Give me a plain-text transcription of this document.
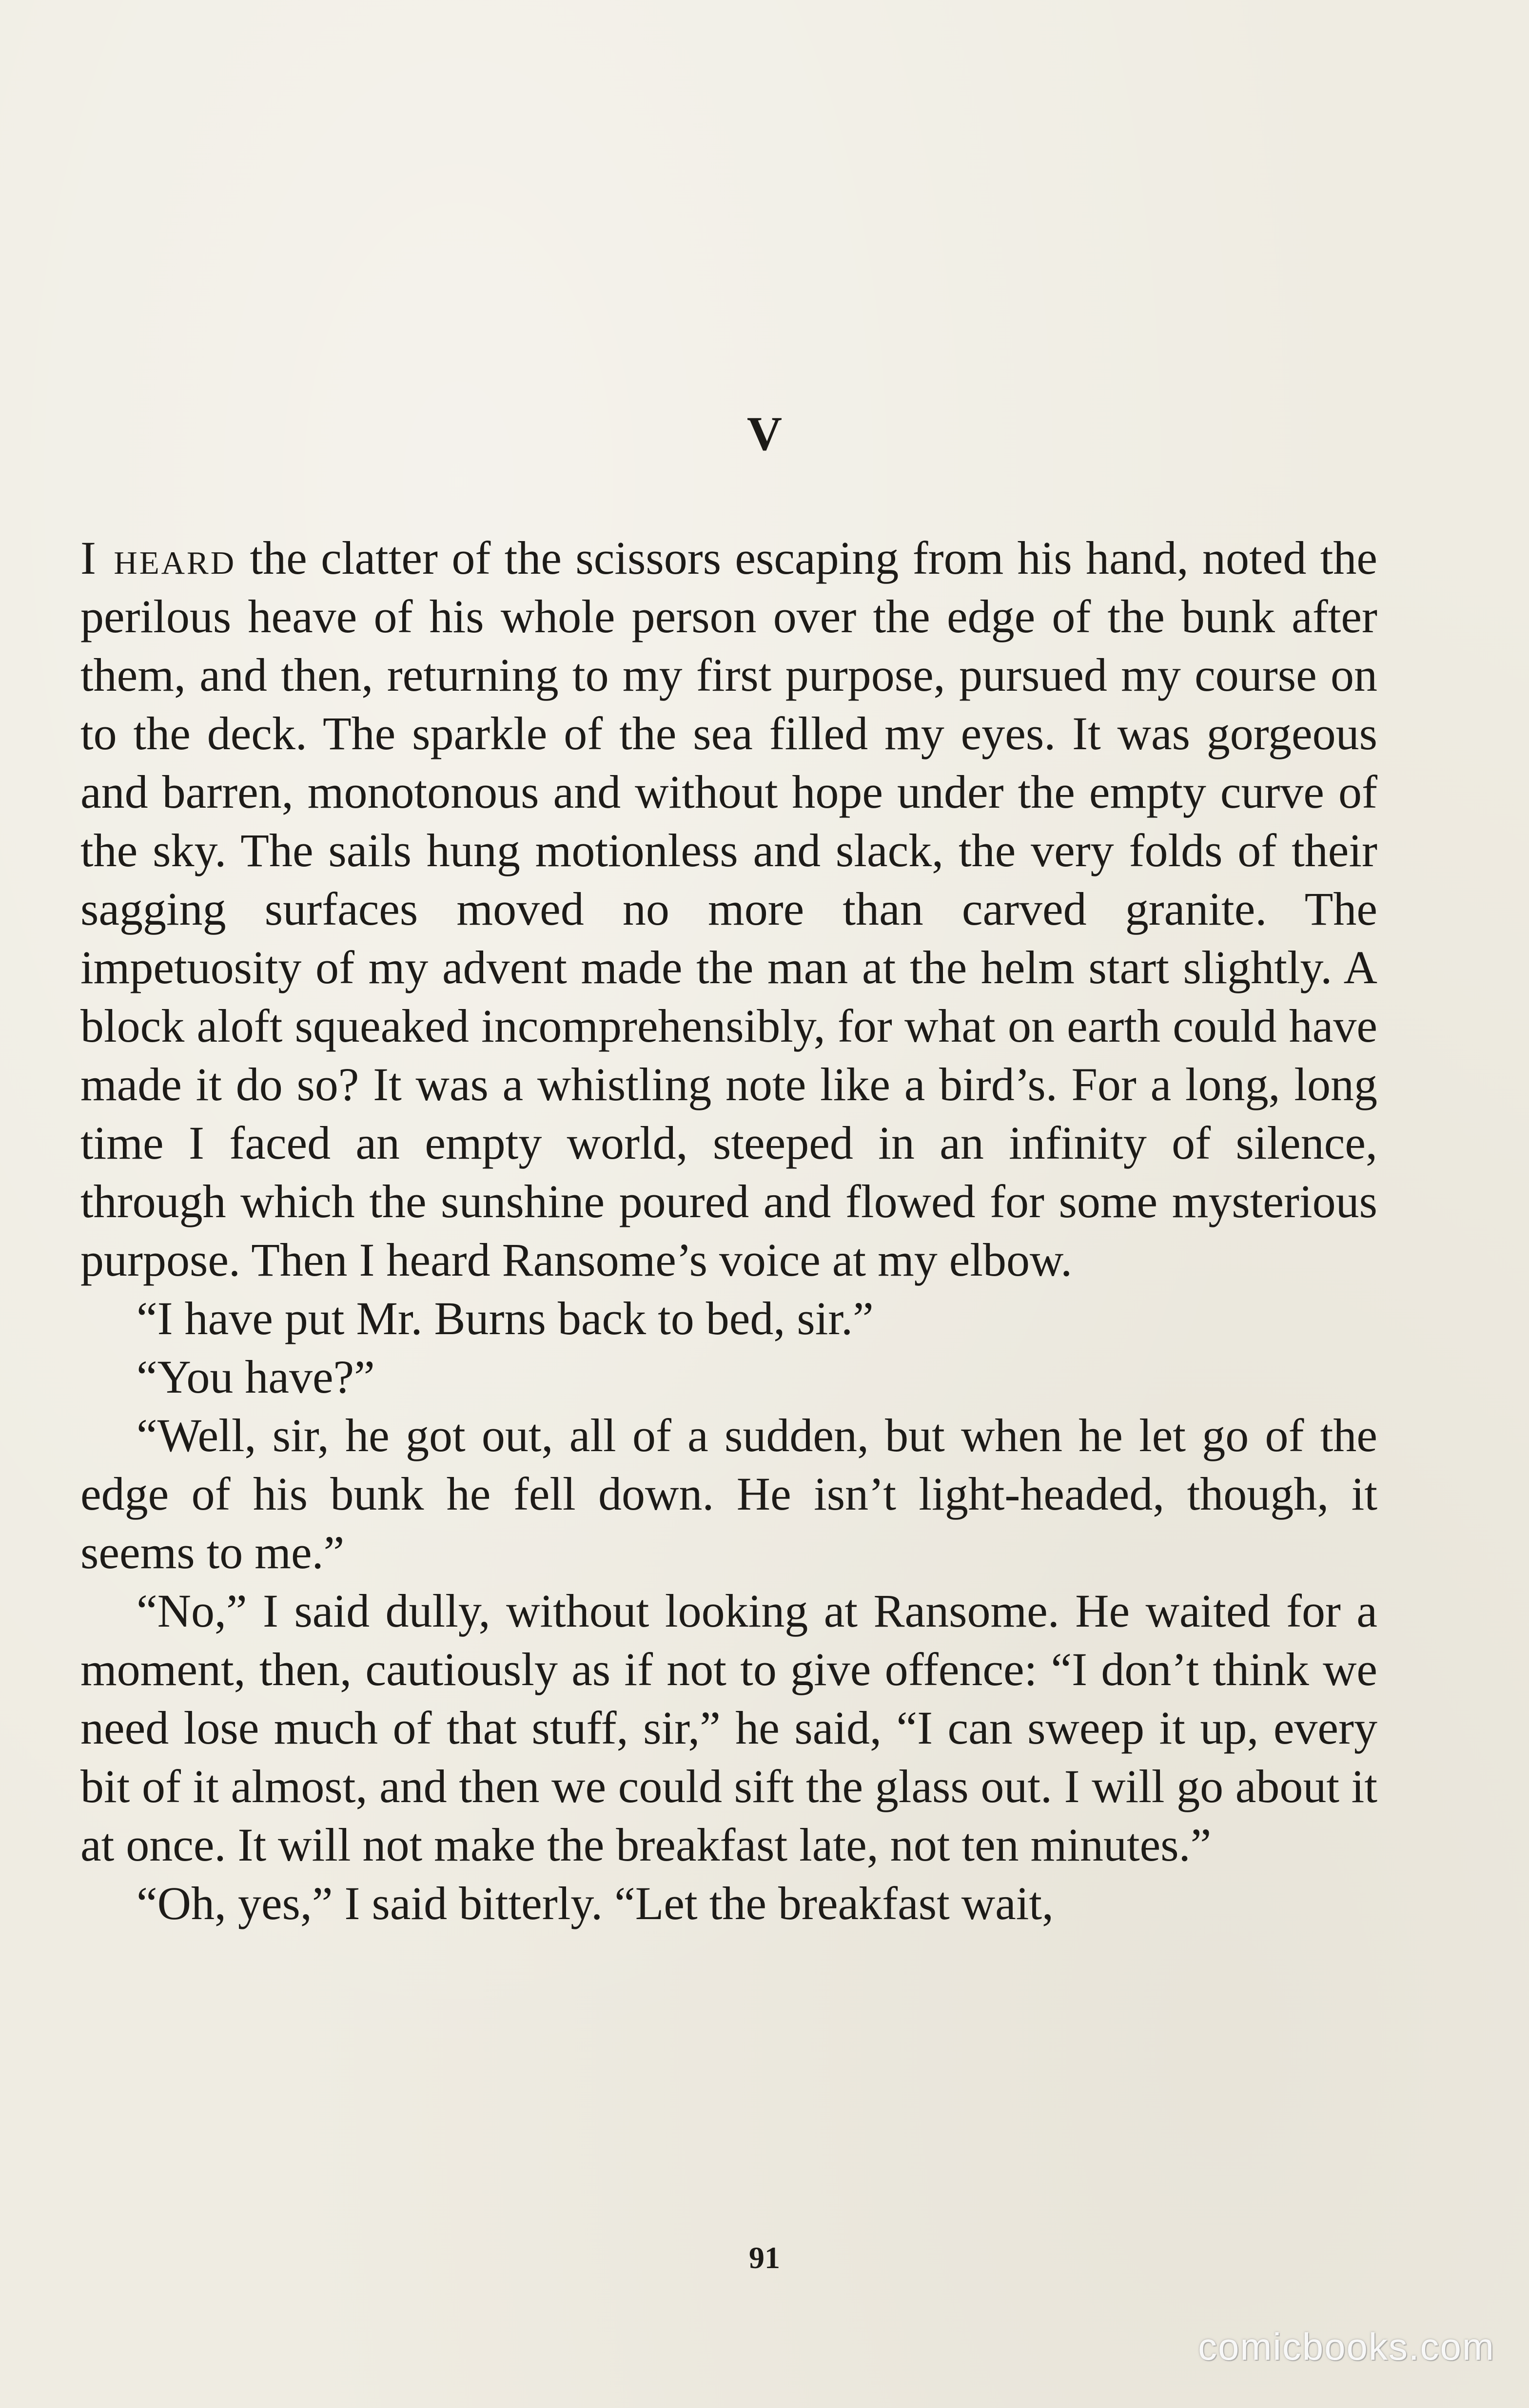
V

I heard the clatter of the scissors escaping from his hand, noted the perilous heave of his whole person over the edge of the bunk after them, and then, returning to my first purpose, pursued my course on to the deck. The sparkle of the sea filled my eyes. It was gorgeous and barren, monotonous and without hope under the empty curve of the sky. The sails hung motionless and slack, the very folds of their sagging surfaces moved no more than carved granite. The impetuosity of my advent made the man at the helm start slightly. A block aloft squeaked incomprehensibly, for what on earth could have made it do so? It was a whistling note like a bird’s. For a long, long time I faced an empty world, steeped in an infinity of silence, through which the sunshine poured and flowed for some mysterious purpose. Then I heard Ransome’s voice at my elbow.

“I have put Mr. Burns back to bed, sir.”

“You have?”

“Well, sir, he got out, all of a sudden, but when he let go of the edge of his bunk he fell down. He isn’t light-headed, though, it seems to me.”

“No,” I said dully, without looking at Ransome. He waited for a moment, then, cautiously as if not to give offence: “I don’t think we need lose much of that stuff, sir,” he said, “I can sweep it up, every bit of it almost, and then we could sift the glass out. I will go about it at once. It will not make the breakfast late, not ten minutes.”

“Oh, yes,” I said bitterly. “Let the breakfast wait,

91
comicbooks.com
